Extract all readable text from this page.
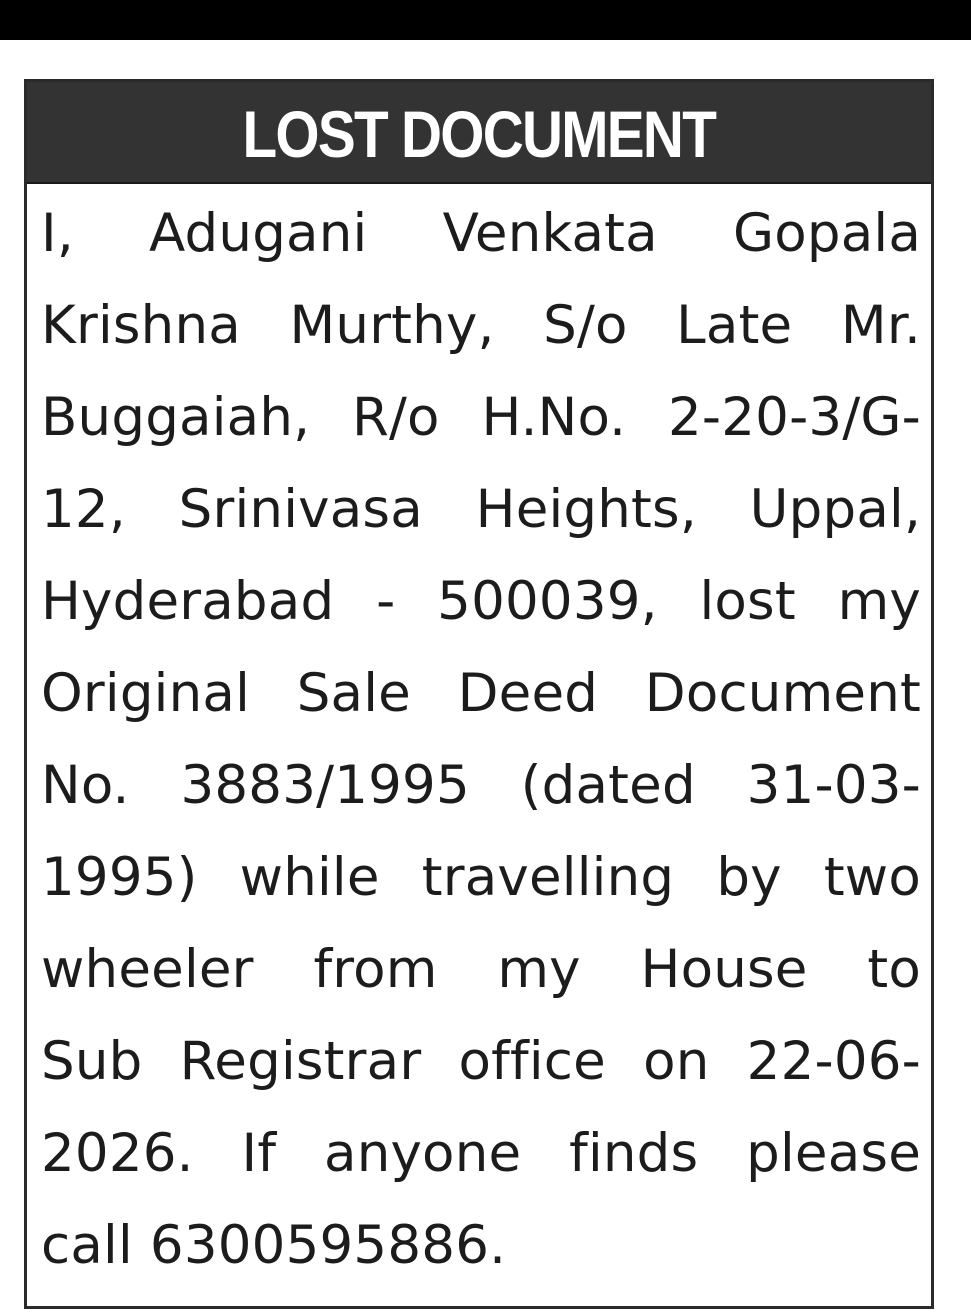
LOST DOCUMENT
I, Adugani Venkata Gopala
Krishna Murthy, S/o Late Mr.
Buggaiah, R/o H.No. 2-20-3/G-
12, Srinivasa Heights, Uppal,
Hyderabad - 500039, lost my
Original Sale Deed Document
No. 3883/1995 (dated 31-03-
1995) while travelling by two
wheeler from my House to
Sub Registrar office on 22-06-
2026. If anyone finds please
call 6300595886.
